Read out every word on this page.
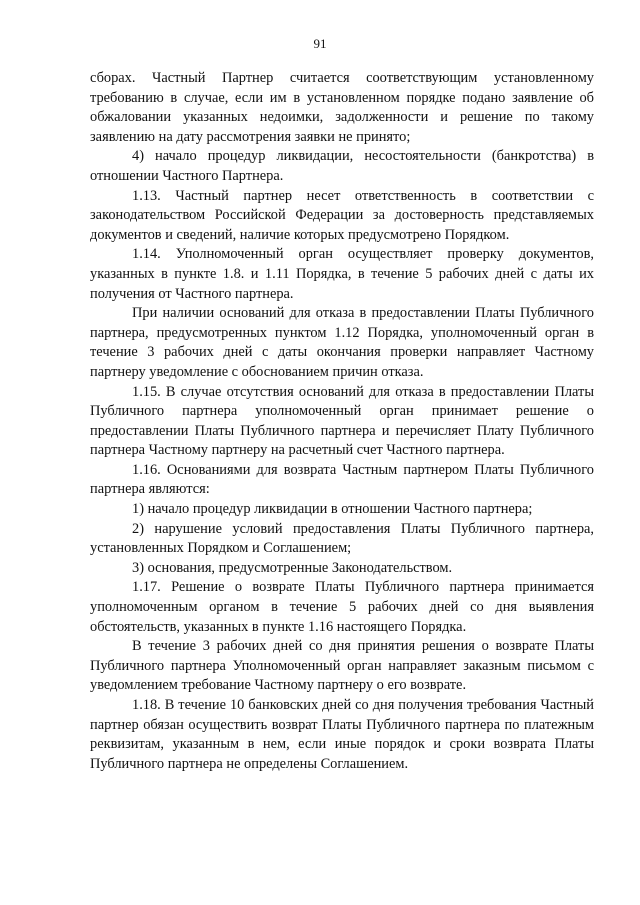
91

сборах. Частный Партнер считается соответствующим установленному требованию в случае, если им в установленном порядке подано заявление об обжаловании указанных недоимки, задолженности и решение по такому заявлению на дату рассмотрения заявки не принято;

4) начало процедур ликвидации, несостоятельности (банкротства) в отношении Частного Партнера.

1.13. Частный партнер несет ответственность в соответствии с законодательством Российской Федерации за достоверность представляемых документов и сведений, наличие которых предусмотрено Порядком.

1.14. Уполномоченный орган осуществляет проверку документов, указанных в пункте 1.8. и 1.11 Порядка, в течение 5 рабочих дней с даты их получения от Частного партнера.

При наличии оснований для отказа в предоставлении Платы Публичного партнера, предусмотренных пунктом 1.12 Порядка, уполномоченный орган в течение 3 рабочих дней с даты окончания проверки направляет Частному партнеру уведомление с обоснованием причин отказа.

1.15. В случае отсутствия оснований для отказа в предоставлении Платы Публичного партнера уполномоченный орган принимает решение о предоставлении Платы Публичного партнера и перечисляет Плату Публичного партнера Частному партнеру на расчетный счет Частного партнера.

1.16. Основаниями для возврата Частным партнером Платы Публичного партнера являются:

1) начало процедур ликвидации в отношении Частного партнера;

2) нарушение условий предоставления Платы Публичного партнера, установленных Порядком и Соглашением;

3) основания, предусмотренные Законодательством.

1.17. Решение о возврате Платы Публичного партнера принимается уполномоченным органом в течение 5 рабочих дней со дня выявления обстоятельств, указанных в пункте 1.16 настоящего Порядка.

В течение 3 рабочих дней со дня принятия решения о возврате Платы Публичного партнера Уполномоченный орган направляет заказным письмом с уведомлением требование Частному партнеру о его возврате.

1.18. В течение 10 банковских дней со дня получения требования Частный партнер обязан осуществить возврат Платы Публичного партнера по платежным реквизитам, указанным в нем, если иные порядок и сроки возврата Платы Публичного партнера не определены Соглашением.
